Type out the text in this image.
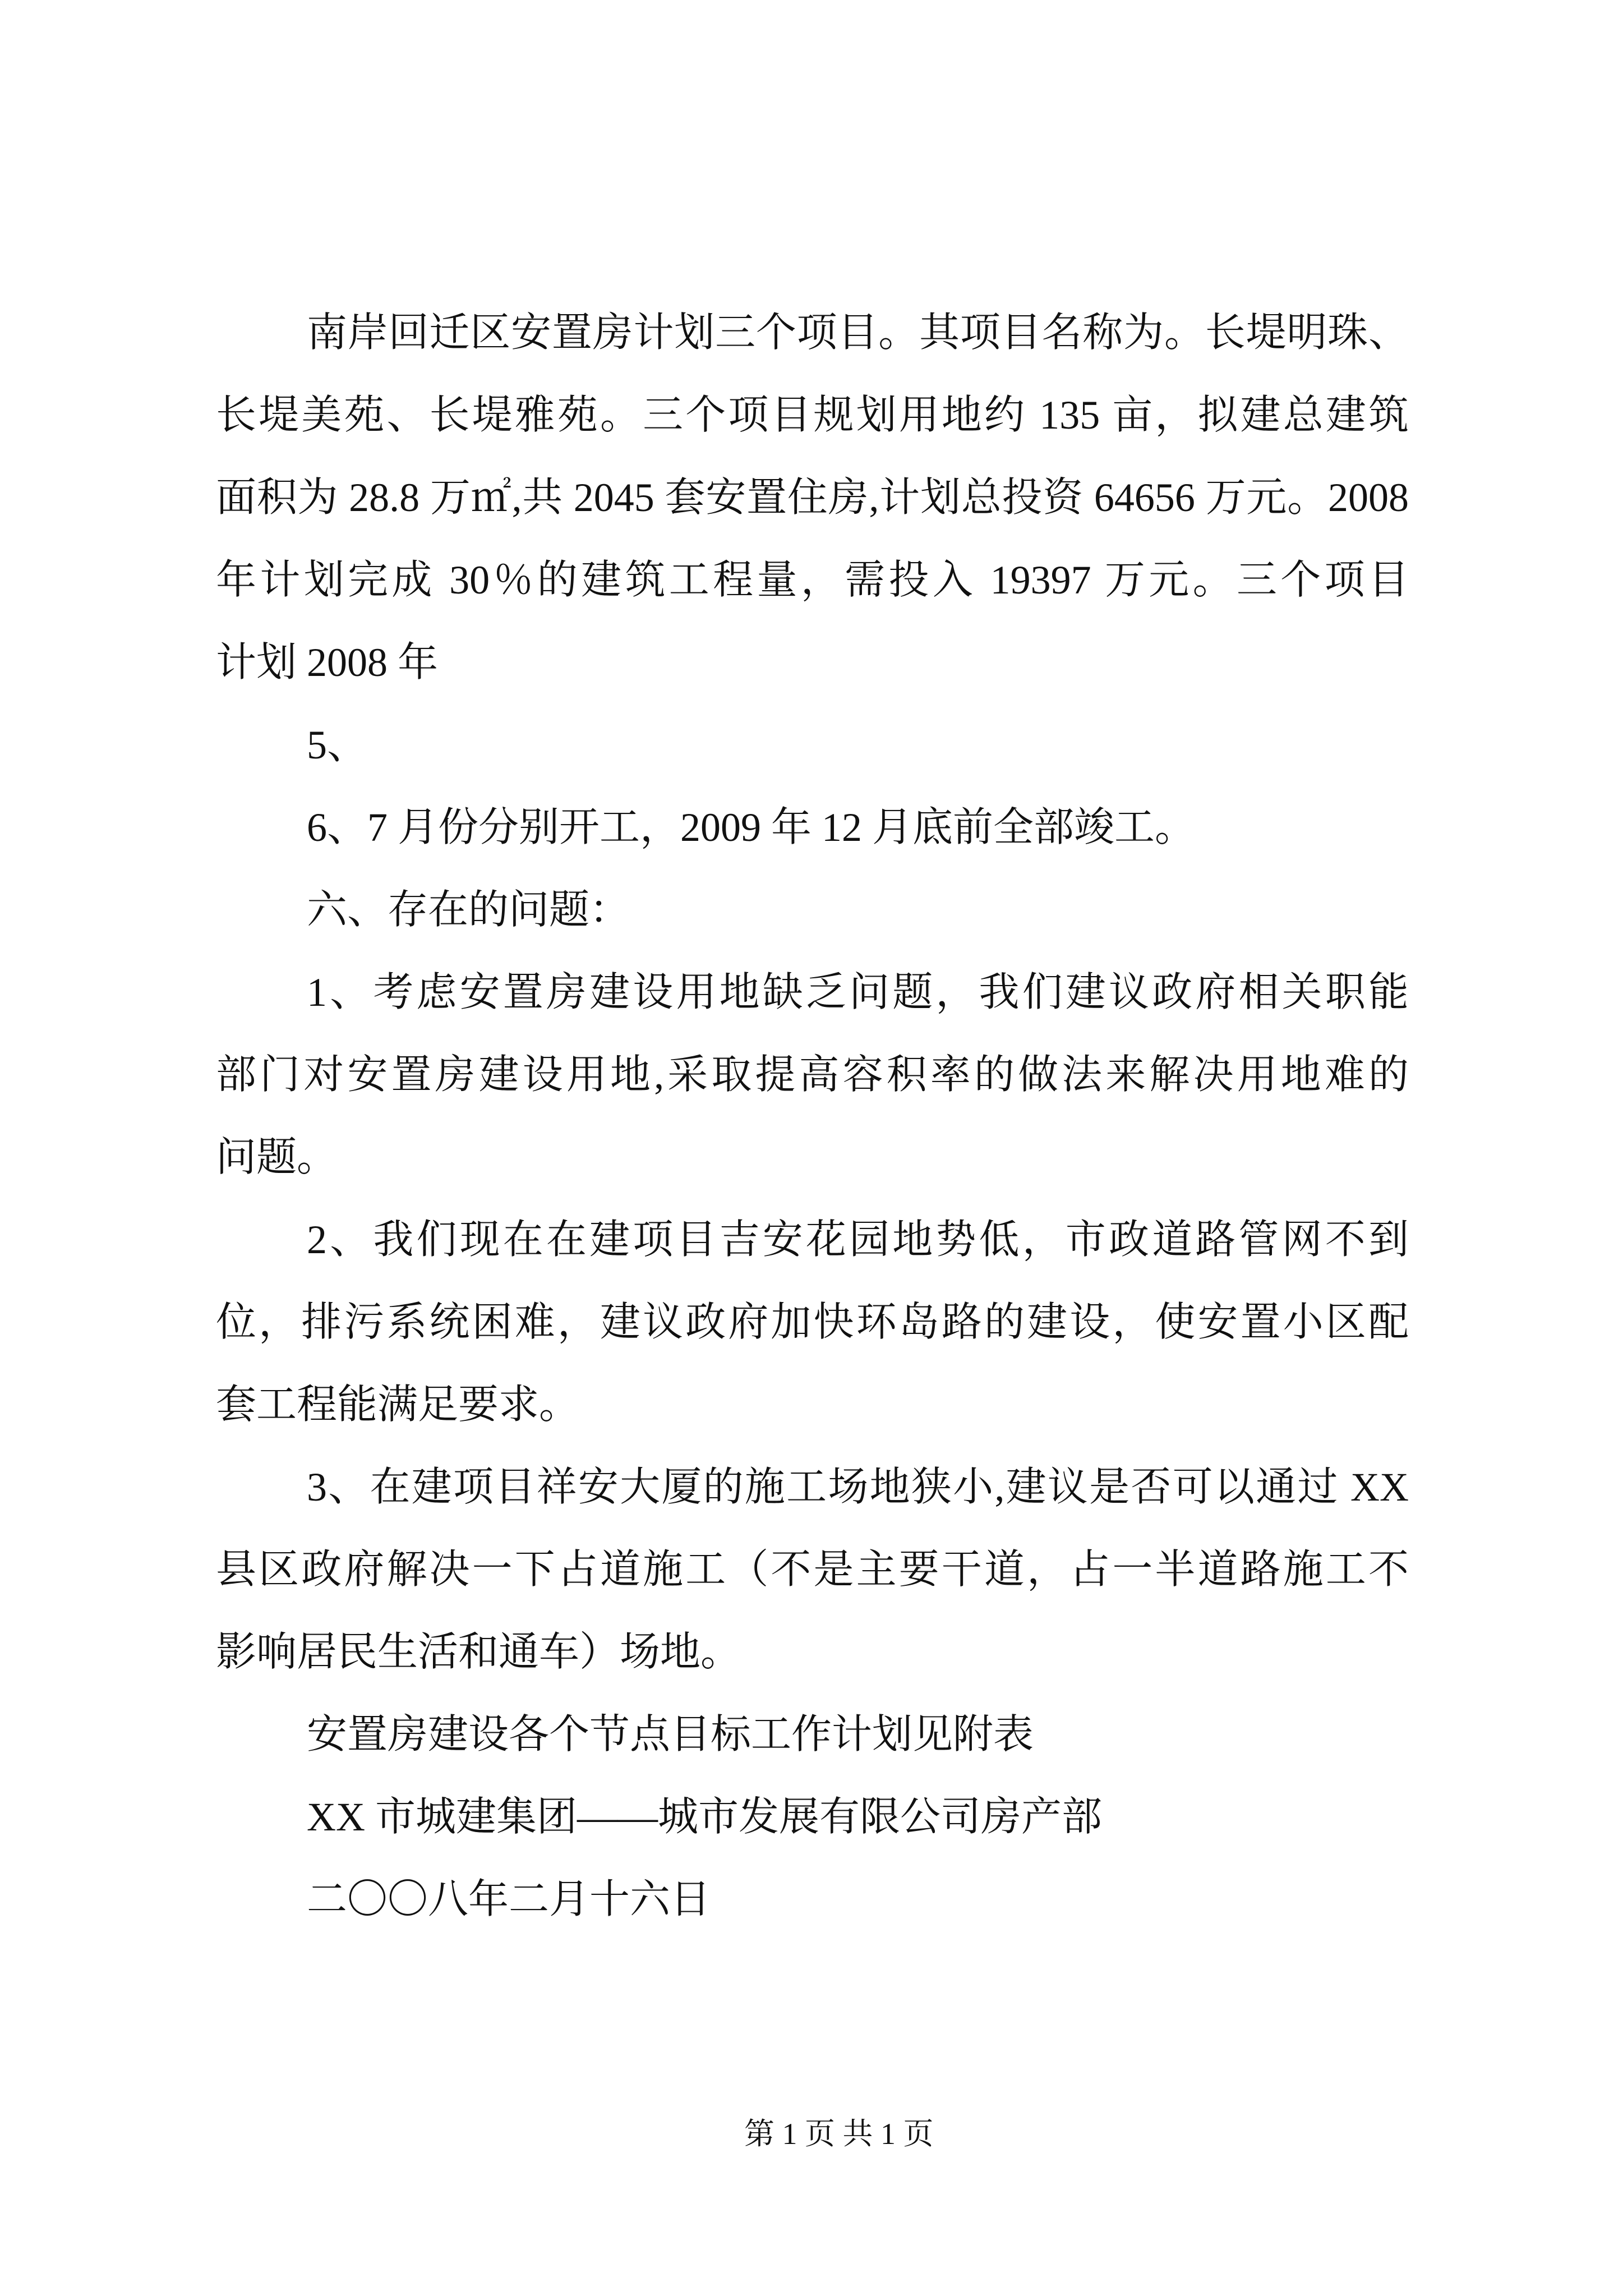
南岸回迁区安置房计划三个项目。其项目名称为。长堤明珠、
长堤美苑、长堤雅苑。三个项目规划用地约 135 亩，拟建总建筑
面积为 28.8 万㎡,共 2045 套安置住房,计划总投资 64656 万元。2008
年计划完成 30％的建筑工程量，需投入 19397 万元。三个项目
计划 2008 年
5、
6、7 月份分别开工，2009 年 12 月底前全部竣工。
六、存在的问题：
1、考虑安置房建设用地缺乏问题，我们建议政府相关职能
部门对安置房建设用地,采取提高容积率的做法来解决用地难的
问题。
2、我们现在在建项目吉安花园地势低，市政道路管网不到
位，排污系统困难，建议政府加快环岛路的建设，使安置小区配
套工程能满足要求。
3、在建项目祥安大厦的施工场地狭小,建议是否可以通过 XX
县区政府解决一下占道施工（不是主要干道，占一半道路施工不
影响居民生活和通车）场地。
安置房建设各个节点目标工作计划见附表
XX 市城建集团——城市发展有限公司房产部
二〇〇八年二月十六日
第 1 页 共 1 页
